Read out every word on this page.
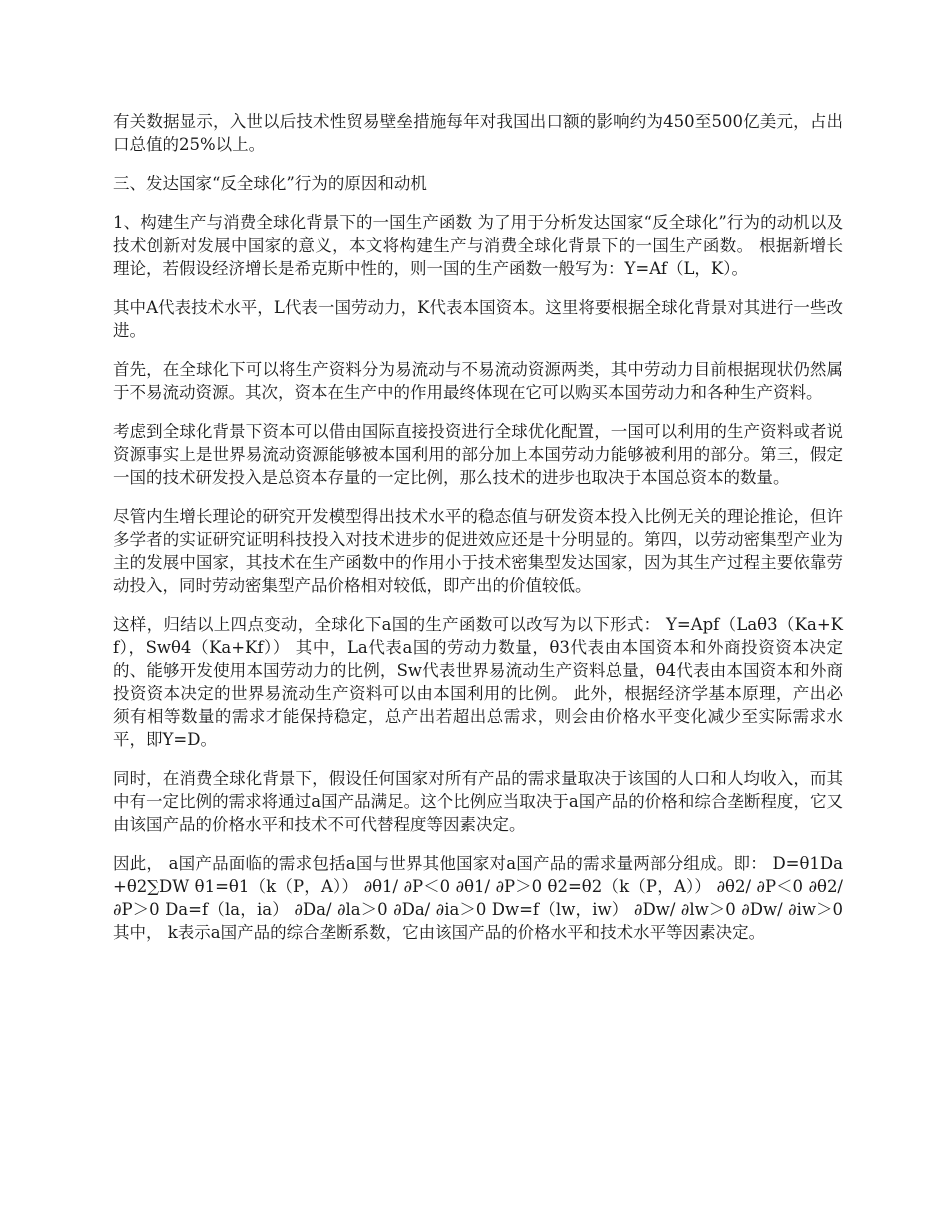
有关数据显示，入世以后技术性贸易壁垒措施每年对我国出口额的影响约为450至500亿美元，占出口总值的25%以上。

三、发达国家“反全球化”行为的原因和动机

1、构建生产与消费全球化背景下的一国生产函数 为了用于分析发达国家“反全球化”行为的动机以及技术创新对发展中国家的意义，本文将构建生产与消费全球化背景下的一国生产函数。 根据新增长理论，若假设经济增长是希克斯中性的，则一国的生产函数一般写为：Y=Af（L，K）。

其中A代表技术水平，L代表一国劳动力，K代表本国资本。这里将要根据全球化背景对其进行一些改进。

首先，在全球化下可以将生产资料分为易流动与不易流动资源两类，其中劳动力目前根据现状仍然属于不易流动资源。其次，资本在生产中的作用最终体现在它可以购买本国劳动力和各种生产资料。

考虑到全球化背景下资本可以借由国际直接投资进行全球优化配置，一国可以利用的生产资料或者说资源事实上是世界易流动资源能够被本国利用的部分加上本国劳动力能够被利用的部分。第三，假定一国的技术研发投入是总资本存量的一定比例，那么技术的进步也取决于本国总资本的数量。

尽管内生增长理论的研究开发模型得出技术水平的稳态值与研发资本投入比例无关的理论推论，但许多学者的实证研究证明科技投入对技术进步的促进效应还是十分明显的。第四，以劳动密集型产业为主的发展中国家，其技术在生产函数中的作用小于技术密集型发达国家，因为其生产过程主要依靠劳动投入，同时劳动密集型产品价格相对较低，即产出的价值较低。

这样，归结以上四点变动，全球化下a国的生产函数可以改写为以下形式： Y=Apf（Laθ3（Ka+Kf），Swθ4（Ka+Kf）） 其中，La代表a国的劳动力数量，θ3代表由本国资本和外商投资资本决定的、能够开发使用本国劳动力的比例，Sw代表世界易流动生产资料总量，θ4代表由本国资本和外商投资资本决定的世界易流动生产资料可以由本国利用的比例。 此外，根据经济学基本原理，产出必须有相等数量的需求才能保持稳定，总产出若超出总需求，则会由价格水平变化减少至实际需求水平，即Y=D。

同时，在消费全球化背景下，假设任何国家对所有产品的需求量取决于该国的人口和人均收入，而其中有一定比例的需求将通过a国产品满足。这个比例应当取决于a国产品的价格和综合垄断程度，它又由该国产品的价格水平和技术不可代替程度等因素决定。

因此， a国产品面临的需求包括a国与世界其他国家对a国产品的需求量两部分组成。即： D=θ1Da+θ2∑DW θ1=θ1（k（P，A）） ∂θ1/ ∂P＜0 ∂θ1/ ∂P＞0 θ2=θ2（k（P，A）） ∂θ2/ ∂P＜0 ∂θ2/ ∂P＞0 Da=f（la，ia） ∂Da/ ∂la＞0 ∂Da/ ∂ia＞0 Dw=f（lw，iw） ∂Dw/ ∂lw＞0 ∂Dw/ ∂iw＞0 其中， k表示a国产品的综合垄断系数，它由该国产品的价格水平和技术水平等因素决定。
